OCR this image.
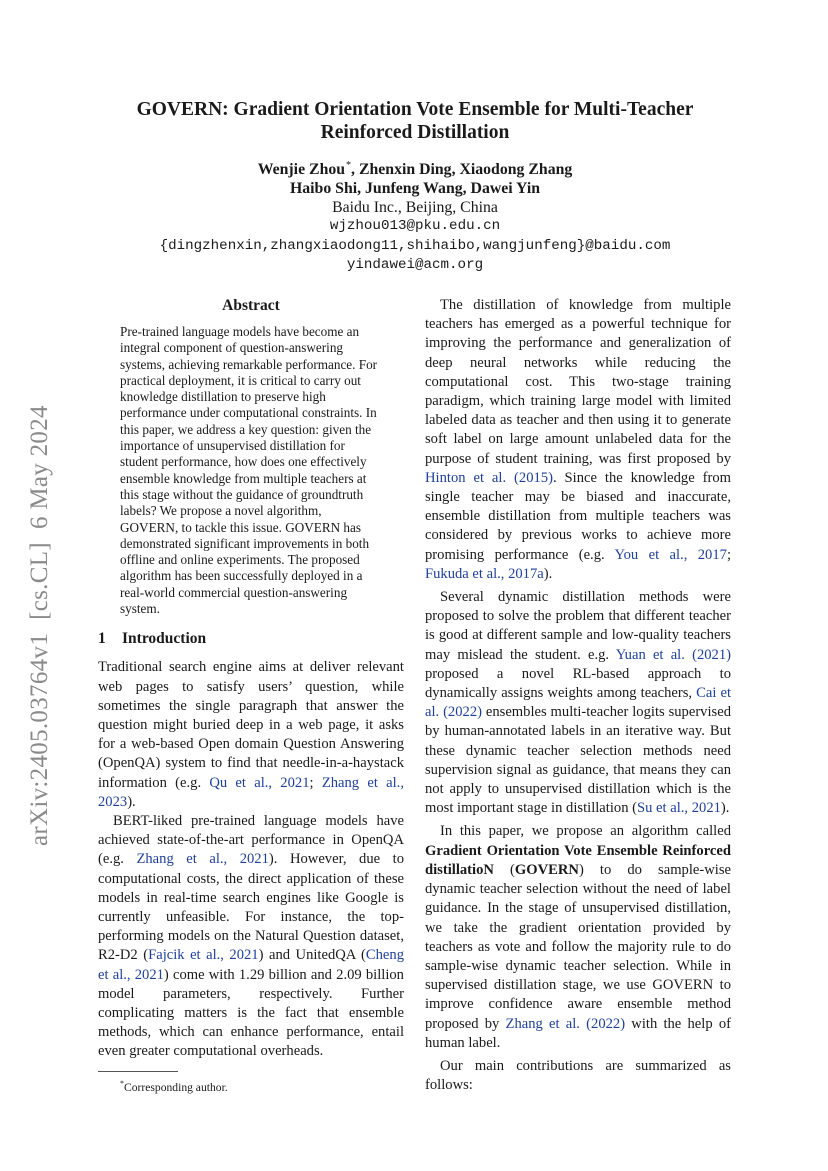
arXiv:2405.03764v1  [cs.CL]  6 May 2024

GOVERN: Gradient Orientation Vote Ensemble for Multi-Teacher
Reinforced Distillation

Wenjie Zhou*, Zhenxin Ding, Xiaodong Zhang
Haibo Shi, Junfeng Wang, Dawei Yin
Baidu Inc., Beijing, China
wjzhou013@pku.edu.cn
{dingzhenxin,zhangxiaodong11,shihaibo,wangjunfeng}@baidu.com
yindawei@acm.org
Abstract

Pre-trained language models have become an integral component of question-answering systems, achieving remarkable performance. For practical deployment, it is critical to carry out knowledge distillation to preserve high performance under computational constraints. In this paper, we address a key question: given the importance of unsupervised distillation for student performance, how does one effectively ensemble knowledge from multiple teachers at this stage without the guidance of groundtruth labels? We propose a novel algorithm, GOVERN, to tackle this issue. GOVERN has demonstrated significant improvements in both offline and online experiments. The proposed algorithm has been successfully deployed in a real-world commercial question-answering system.

1 Introduction

Traditional search engine aims at deliver relevant web pages to satisfy users’ question, while sometimes the single paragraph that answer the question might buried deep in a web page, it asks for a web-based Open domain Question Answering (OpenQA) system to find that needle-in-a-haystack information (e.g. Qu et al., 2021; Zhang et al., 2023).

BERT-liked pre-trained language models have achieved state-of-the-art performance in OpenQA (e.g. Zhang et al., 2021). However, due to computational costs, the direct application of these models in real-time search engines like Google is currently unfeasible. For instance, the top-performing models on the Natural Question dataset, R2-D2 (Fajcik et al., 2021) and UnitedQA (Cheng et al., 2021) come with 1.29 billion and 2.09 billion model parameters, respectively. Further complicating matters is the fact that ensemble methods, which can enhance performance, entail even greater computational overheads.

*Corresponding author.

The distillation of knowledge from multiple teachers has emerged as a powerful technique for improving the performance and generalization of deep neural networks while reducing the computational cost. This two-stage training paradigm, which training large model with limited labeled data as teacher and then using it to generate soft label on large amount unlabeled data for the purpose of student training, was first proposed by Hinton et al. (2015). Since the knowledge from single teacher may be biased and inaccurate, ensemble distillation from multiple teachers was considered by previous works to achieve more promising performance (e.g. You et al., 2017; Fukuda et al., 2017a).

Several dynamic distillation methods were proposed to solve the problem that different teacher is good at different sample and low-quality teachers may mislead the student. e.g. Yuan et al. (2021) proposed a novel RL-based approach to dynamically assigns weights among teachers, Cai et al. (2022) ensembles multi-teacher logits supervised by human-annotated labels in an iterative way. But these dynamic teacher selection methods need supervision signal as guidance, that means they can not apply to unsupervised distillation which is the most important stage in distillation (Su et al., 2021).

In this paper, we propose an algorithm called Gradient Orientation Vote Ensemble Reinforced distillatioN (GOVERN) to do sample-wise dynamic teacher selection without the need of label guidance. In the stage of unsupervised distillation, we take the gradient orientation provided by teachers as vote and follow the majority rule to do sample-wise dynamic teacher selection. While in supervised distillation stage, we use GOVERN to improve confidence aware ensemble method proposed by Zhang et al. (2022) with the help of human label.

Our main contributions are summarized as follows:
